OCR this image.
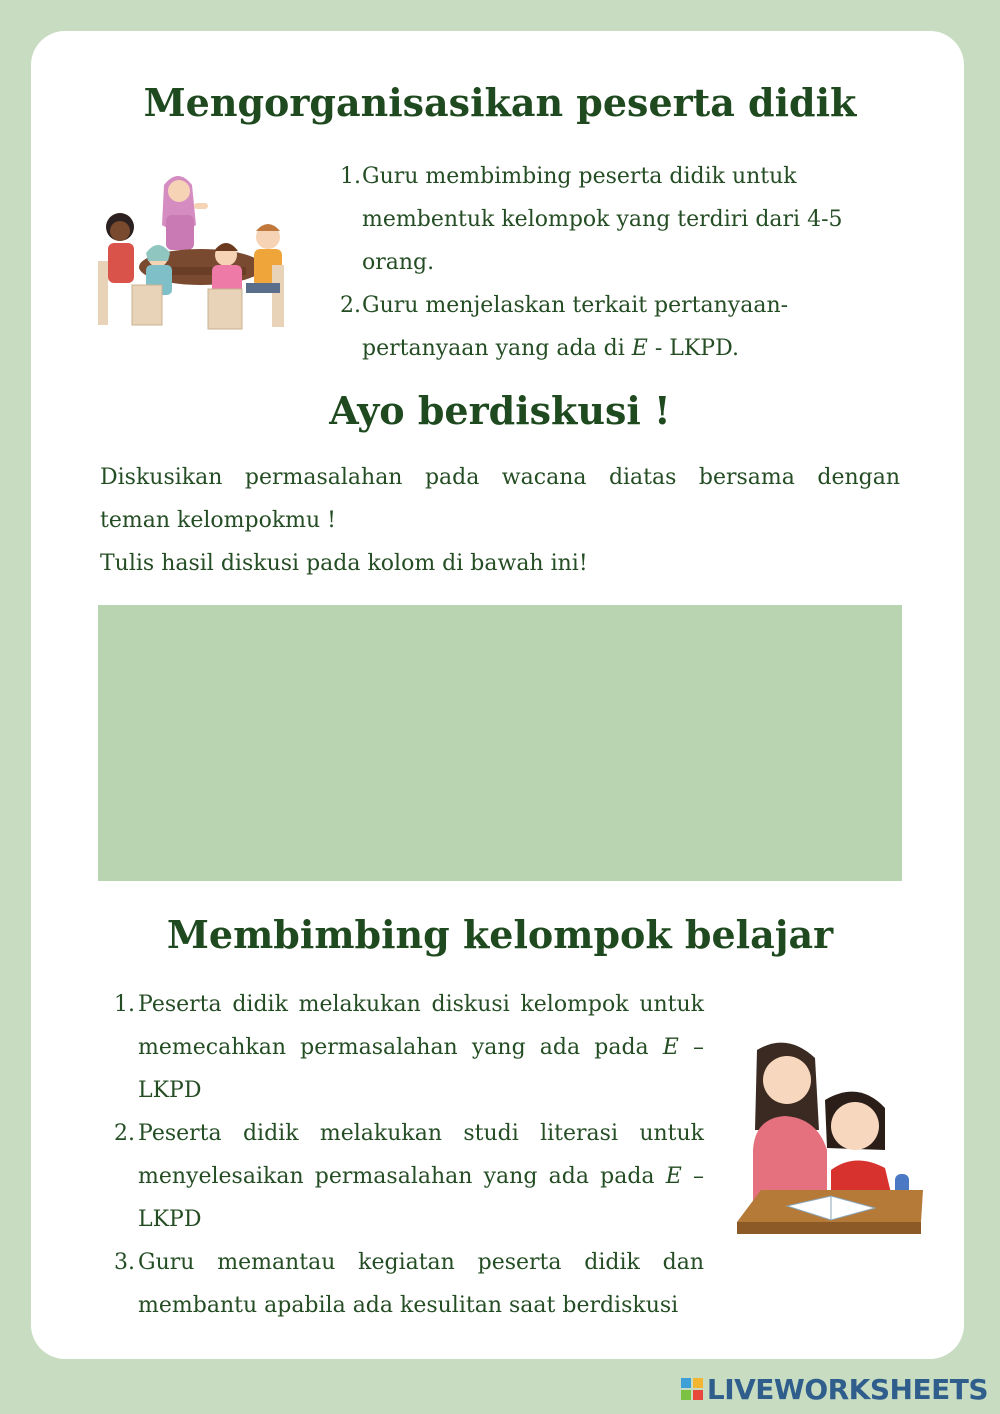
Mengorganisasikan peserta didik
1. Guru membimbing peserta didik untuk membentuk kelompok yang terdiri dari 4-5 orang.
2. Guru menjelaskan terkait pertanyaan-pertanyaan yang ada di E - LKPD.
Ayo berdiskusi !
Diskusikan permasalahan pada wacana diatas bersama dengan
teman kelompokmu !
Tulis hasil diskusi pada kolom di bawah ini!
Membimbing kelompok belajar
1. Peserta didik melakukan diskusi kelompok untuk memecahkan permasalahan yang ada pada E – LKPD
2. Peserta didik melakukan studi literasi untuk menyelesaikan permasalahan yang ada pada E – LKPD
3. Guru memantau kegiatan peserta didik dan membantu apabila ada kesulitan saat berdiskusi
LIVEWORKSHEETS
